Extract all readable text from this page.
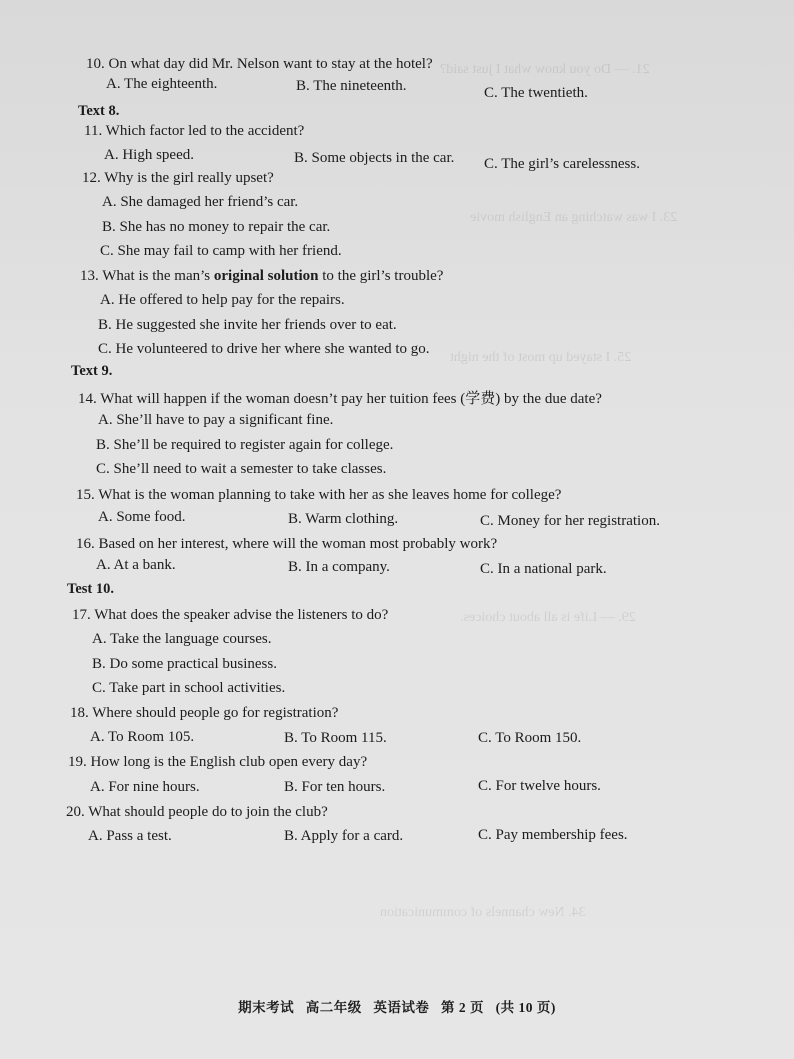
21. — Do you know what I just said?
23. I was watching an English movie
25. I stayed up most of the night
29. — Life is all about choices.
34. New channels of communication
10. On what day did Mr. Nelson want to stay at the hotel?
A. The eighteenth.	B. The nineteenth.	C. The twentieth.
Text 8.
11. Which factor led to the accident?
A. High speed.	B. Some objects in the car. C. The girl’s carelessness.
12. Why is the girl really upset?
A. She damaged her friend’s car.
B. She has no money to repair the car.
C. She may fail to camp with her friend.
13. What is the man’s original solution to the girl’s trouble?
A. He offered to help pay for the repairs.
B. He suggested she invite her friends over to eat.
C. He volunteered to drive her where she wanted to go.
Text 9.
14. What will happen if the woman doesn’t pay her tuition fees (学费) by the due date?
A. She’ll have to pay a significant fine.
B. She’ll be required to register again for college.
C. She’ll need to wait a semester to take classes.
15. What is the woman planning to take with her as she leaves home for college?
A. Some food.	B. Warm clothing.	C. Money for her registration.
16. Based on her interest, where will the woman most probably work?
A. At a bank.	B. In a company.	C. In a national park.
Test 10.
17. What does the speaker advise the listeners to do?
A. Take the language courses.
B. Do some practical business.
C. Take part in school activities.
18. Where should people go for registration?
A. To Room 105.	B. To Room 115.	C. To Room 150.
19. How long is the English club open every day?
A. For nine hours.	B. For ten hours.	C. For twelve hours.
20. What should people do to join the club?
A. Pass a test.	B. Apply for a card.	C. Pay membership fees.
期末考试 高二年级 英语试卷 第 2 页 (共 10 页)
